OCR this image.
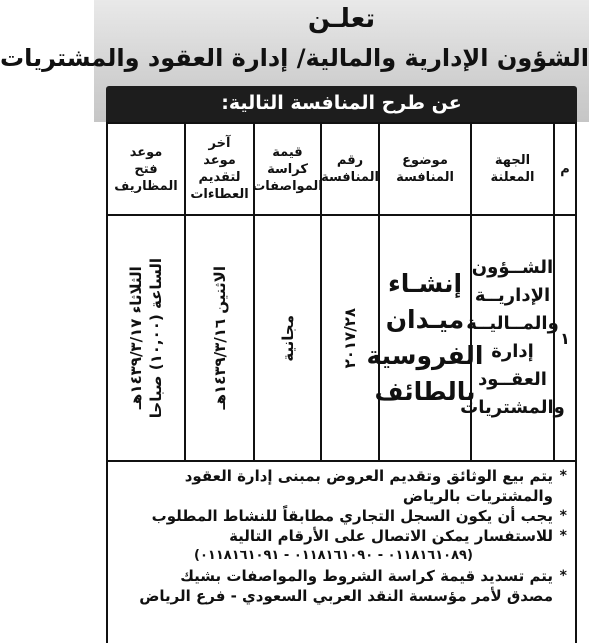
تعلـن
الشؤون الإدارية والمالية/ إدارة العقود والمشتريات
عن طرح المنافسة التالية:
م
الجهة المعلنة
موضوع
المنافسة
رقم
المنافسة
قيمة
كراسة
المواصفات
آخر
موعد
لتقديم
العطاءات
موعد
فتح
المظاريف
١
الشــؤون
الإداريــة
والمــاليــة
إدارة
العقــود
والمشتريات
إنشـاء
ميـدان
الفروسية
بالطائف
٢٠١٧/٢٨
مجانية
الاثنين ١٤٣٩/٣/١٦هـ
الثلاثاء ١٤٣٩/٣/١٧هـ
الساعة (١٠,٠٠) صباحا
*
يتم بيع الوثائق وتقديم العروض بمبنى إدارة العقود
والمشتريات بالرياض
*
يجب أن يكون السجل التجاري مطابقاً للنشاط المطلوب
*
للاستفسار يمكن الاتصال على الأرقام التالية
(٠١١٨١٦١٠٨٩ - ٠١١٨١٦١٠٩٠ - ٠١١٨١٦١٠٩١)
*
يتم تسديد قيمة كراسة الشروط والمواصفات بشيك
مصدق لأمر مؤسسة النقد العربي السعودي - فرع الرياض
